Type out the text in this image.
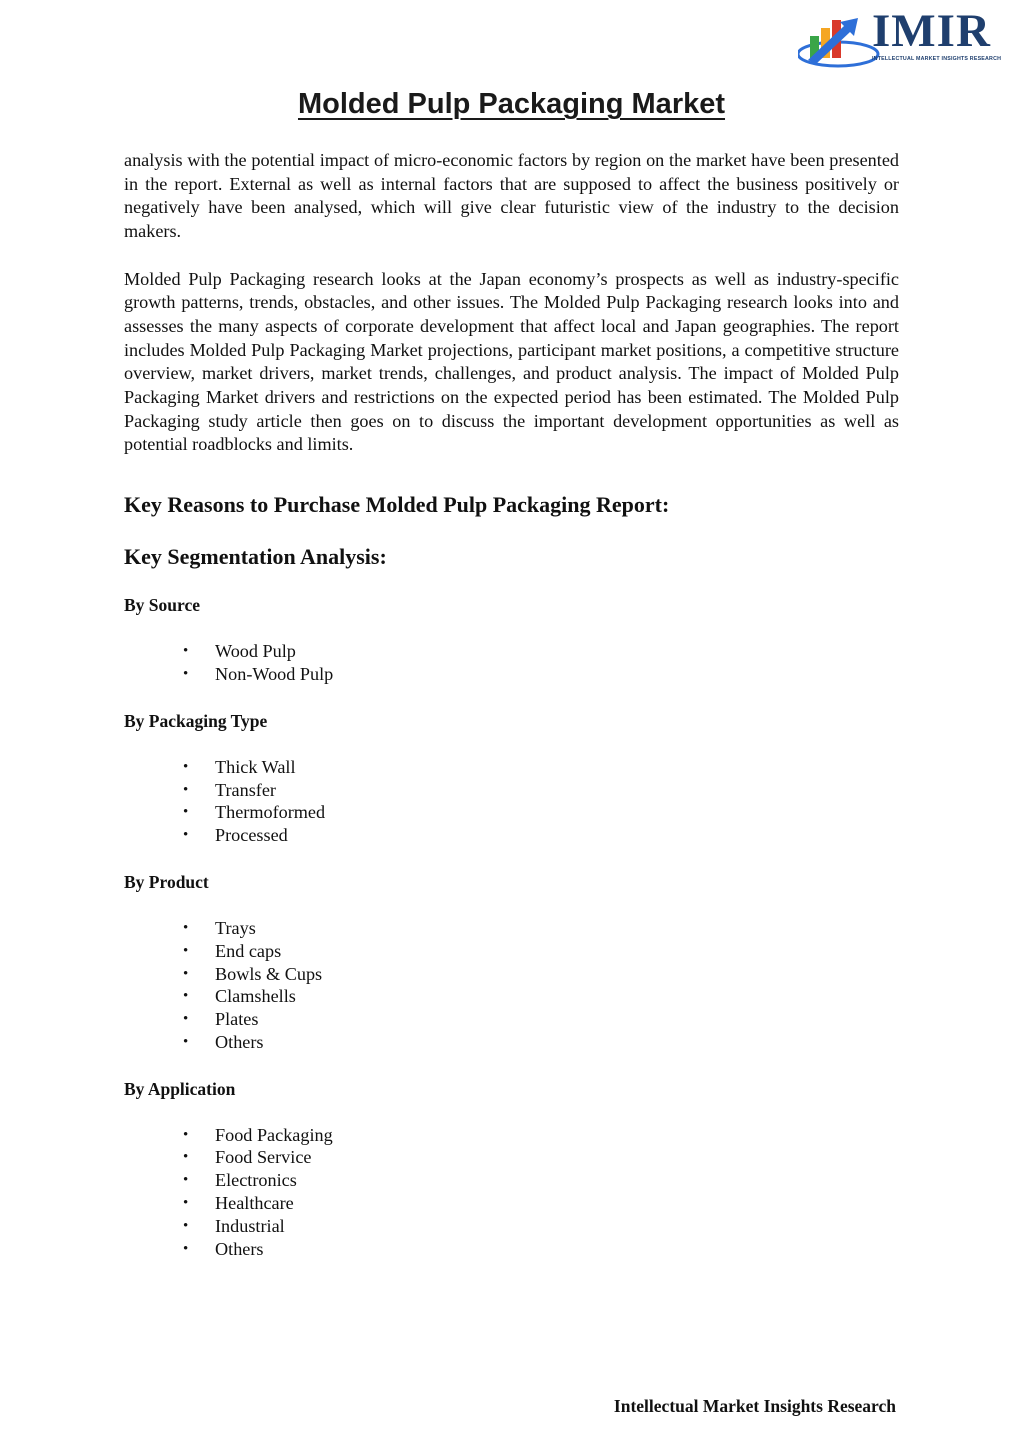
IMIR
INTELLECTUAL MARKET INSIGHTS RESEARCH
Molded Pulp Packaging Market

analysis with the potential impact of micro-economic factors by region on the market have been presented in the report. External as well as internal factors that are supposed to affect the business positively or negatively have been analysed, which will give clear futuristic view of the industry to the decision makers.

Molded Pulp Packaging research looks at the Japan economy’s prospects as well as industry-specific growth patterns, trends, obstacles, and other issues. The Molded Pulp Packaging research looks into and assesses the many aspects of corporate development that affect local and Japan geographies. The report includes Molded Pulp Packaging Market projections, participant market positions, a competitive structure overview, market drivers, market trends, challenges, and product analysis. The impact of Molded Pulp Packaging Market drivers and restrictions on the expected period has been estimated. The Molded Pulp Packaging study article then goes on to discuss the important development opportunities as well as potential roadblocks and limits.

Key Reasons to Purchase Molded Pulp Packaging Report:
Key Segmentation Analysis:
By Source
• Wood Pulp
• Non-Wood Pulp
By Packaging Type
• Thick Wall
• Transfer
• Thermoformed
• Processed
By Product
• Trays
• End caps
• Bowls & Cups
• Clamshells
• Plates
• Others
By Application
• Food Packaging
• Food Service
• Electronics
• Healthcare
• Industrial
• Others
Intellectual Market Insights Research
